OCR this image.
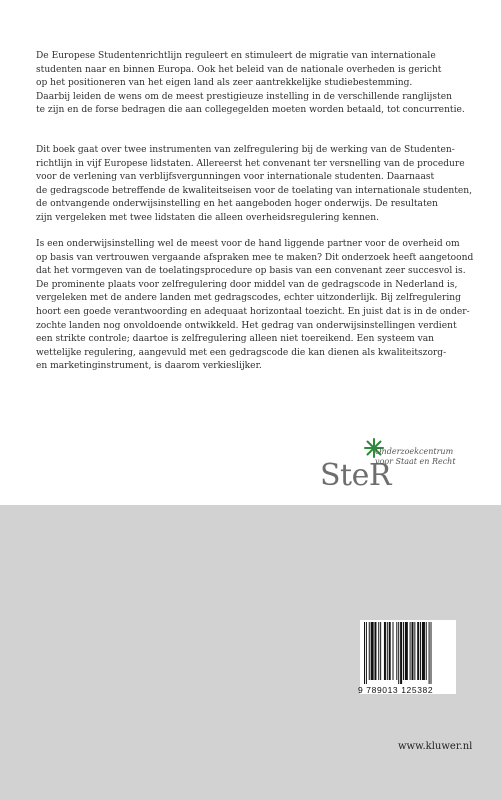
De Europese Studentenrichtlijn reguleert en stimuleert de migratie van internationale
studenten naar en binnen Europa. Ook het beleid van de nationale overheden is gericht
op het positioneren van het eigen land als zeer aantrekkelijke studiebestemming.
Daarbij leiden de wens om de meest prestigieuze instelling in de verschillende ranglijsten
te zijn en de forse bedragen die aan collegegelden moeten worden betaald, tot concurrentie.

Dit boek gaat over twee instrumenten van zelfregulering bij de werking van de Studenten-
richtlijn in vijf Europese lidstaten. Allereerst het convenant ter versnelling van de procedure
voor de verlening van verblijfsvergunningen voor internationale studenten. Daarnaast
de gedragscode betreffende de kwaliteitseisen voor de toelating van internationale studenten,
de ontvangende onderwijsinstelling en het aangeboden hoger onderwijs. De resultaten
zijn vergeleken met twee lidstaten die alleen overheidsregulering kennen.

Is een onderwijsinstelling wel de meest voor de hand liggende partner voor de overheid om
op basis van vertrouwen vergaande afspraken mee te maken? Dit onderzoek heeft aangetoond
dat het vormgeven van de toelatingsprocedure op basis van een convenant zeer succesvol is.
De prominente plaats voor zelfregulering door middel van de gedragscode in Nederland is,
vergeleken met de andere landen met gedragscodes, echter uitzonderlijk. Bij zelfregulering
hoort een goede verantwoording en adequaat horizontaal toezicht. En juist dat is in de onder-
zochte landen nog onvoldoende ontwikkeld. Het gedrag van onderwijsinstellingen verdient
een strikte controle; daartoe is zelfregulering alleen niet toereikend. Een systeem van
wettelijke regulering, aangevuld met een gedragscode die kan dienen als kwaliteitszorg-
en marketinginstrument, is daarom verkieslijker.

SteR
Onderzoekcentrum
voor Staat en Recht
9 789013 125382
www.kluwer.nl
